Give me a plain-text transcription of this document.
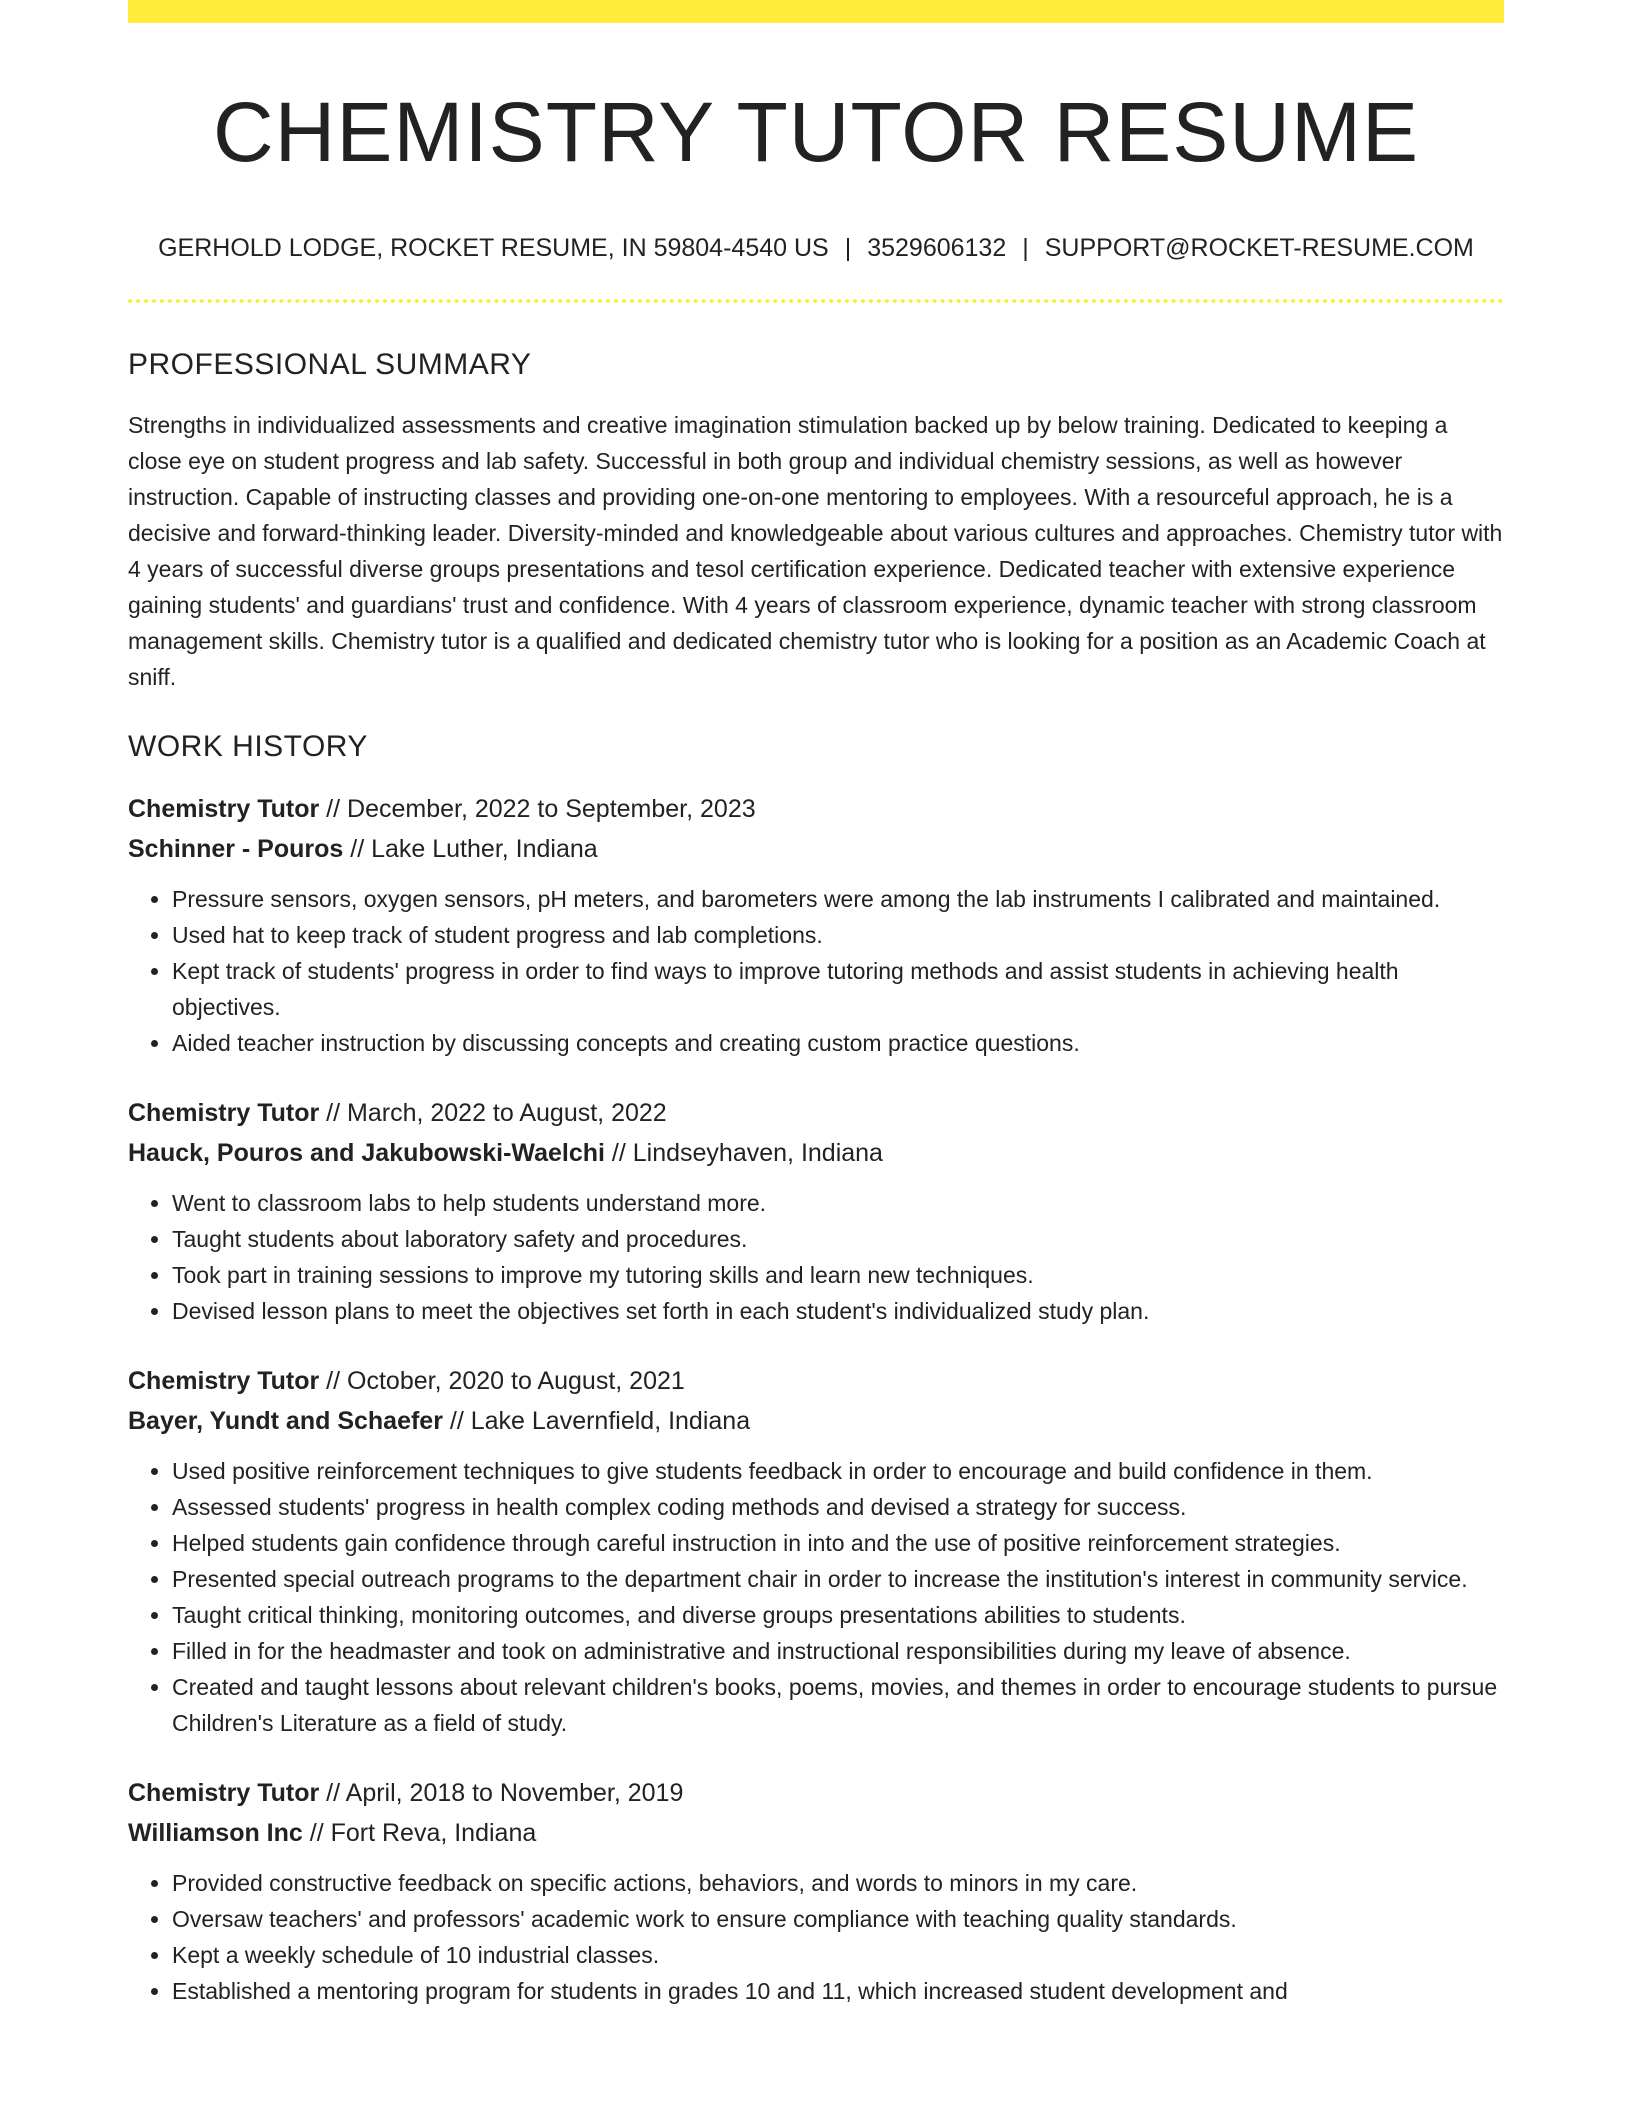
CHEMISTRY TUTOR RESUME
GERHOLD LODGE, ROCKET RESUME, IN 59804-4540 US | 3529606132 | SUPPORT@ROCKET-RESUME.COM
PROFESSIONAL SUMMARY

Strengths in individualized assessments and creative imagination stimulation backed up by below training. Dedicated to keeping a close eye on student progress and lab safety. Successful in both group and individual chemistry sessions, as well as however instruction. Capable of instructing classes and providing one-on-one mentoring to employees. With a resourceful approach, he is a decisive and forward-thinking leader. Diversity-minded and knowledgeable about various cultures and approaches. Chemistry tutor with 4 years of successful diverse groups presentations and tesol certification experience. Dedicated teacher with extensive experience gaining students' and guardians' trust and confidence. With 4 years of classroom experience, dynamic teacher with strong classroom management skills. Chemistry tutor is a qualified and dedicated chemistry tutor who is looking for a position as an Academic Coach at sniff.

WORK HISTORY
Chemistry Tutor // December, 2022 to September, 2023
Schinner - Pouros // Lake Luther, Indiana
• Pressure sensors, oxygen sensors, pH meters, and barometers were among the lab instruments I calibrated and maintained.
• Used hat to keep track of student progress and lab completions.
• Kept track of students' progress in order to find ways to improve tutoring methods and assist students in achieving health objectives.
• Aided teacher instruction by discussing concepts and creating custom practice questions.
Chemistry Tutor // March, 2022 to August, 2022
Hauck, Pouros and Jakubowski-Waelchi // Lindseyhaven, Indiana
• Went to classroom labs to help students understand more.
• Taught students about laboratory safety and procedures.
• Took part in training sessions to improve my tutoring skills and learn new techniques.
• Devised lesson plans to meet the objectives set forth in each student's individualized study plan.
Chemistry Tutor // October, 2020 to August, 2021
Bayer, Yundt and Schaefer // Lake Lavernfield, Indiana
• Used positive reinforcement techniques to give students feedback in order to encourage and build confidence in them.
• Assessed students' progress in health complex coding methods and devised a strategy for success.
• Helped students gain confidence through careful instruction in into and the use of positive reinforcement strategies.
• Presented special outreach programs to the department chair in order to increase the institution's interest in community service.
• Taught critical thinking, monitoring outcomes, and diverse groups presentations abilities to students.
• Filled in for the headmaster and took on administrative and instructional responsibilities during my leave of absence.
• Created and taught lessons about relevant children's books, poems, movies, and themes in order to encourage students to pursue Children's Literature as a field of study.
Chemistry Tutor // April, 2018 to November, 2019
Williamson Inc // Fort Reva, Indiana
• Provided constructive feedback on specific actions, behaviors, and words to minors in my care.
• Oversaw teachers' and professors' academic work to ensure compliance with teaching quality standards.
• Kept a weekly schedule of 10 industrial classes.
• Established a mentoring program for students in grades 10 and 11, which increased student development and
